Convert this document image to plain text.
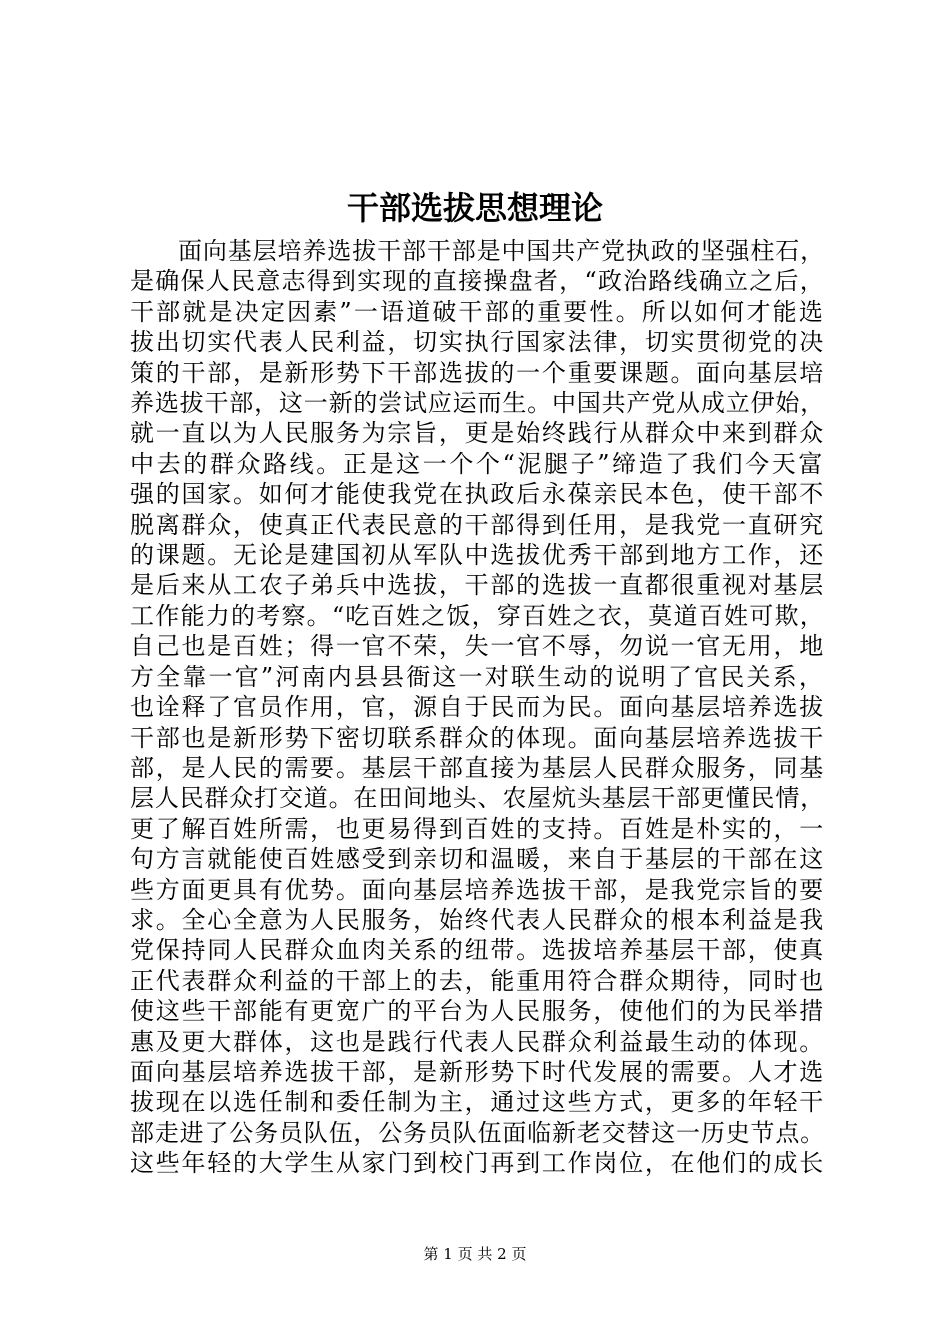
干部选拔思想理论
面向基层培养选拔干部干部是中国共产党执政的坚强柱石，
是确保人民意志得到实现的直接操盘者，“政治路线确立之后，
干部就是决定因素”一语道破干部的重要性。所以如何才能选
拔出切实代表人民利益，切实执行国家法律，切实贯彻党的决
策的干部，是新形势下干部选拔的一个重要课题。面向基层培
养选拔干部，这一新的尝试应运而生。中国共产党从成立伊始，
就一直以为人民服务为宗旨，更是始终践行从群众中来到群众
中去的群众路线。正是这一个个“泥腿子”缔造了我们今天富
强的国家。如何才能使我党在执政后永葆亲民本色，使干部不
脱离群众，使真正代表民意的干部得到任用，是我党一直研究
的课题。无论是建国初从军队中选拔优秀干部到地方工作，还
是后来从工农子弟兵中选拔，干部的选拔一直都很重视对基层
工作能力的考察。“吃百姓之饭，穿百姓之衣，莫道百姓可欺，
自己也是百姓；得一官不荣，失一官不辱，勿说一官无用，地
方全靠一官”河南内县县衙这一对联生动的说明了官民关系，
也诠释了官员作用，官，源自于民而为民。面向基层培养选拔
干部也是新形势下密切联系群众的体现。面向基层培养选拔干
部，是人民的需要。基层干部直接为基层人民群众服务，同基
层人民群众打交道。在田间地头、农屋炕头基层干部更懂民情，
更了解百姓所需，也更易得到百姓的支持。百姓是朴实的，一
句方言就能使百姓感受到亲切和温暖，来自于基层的干部在这
些方面更具有优势。面向基层培养选拔干部，是我党宗旨的要
求。全心全意为人民服务，始终代表人民群众的根本利益是我
党保持同人民群众血肉关系的纽带。选拔培养基层干部，使真
正代表群众利益的干部上的去，能重用符合群众期待，同时也
使这些干部能有更宽广的平台为人民服务，使他们的为民举措
惠及更大群体，这也是践行代表人民群众利益最生动的体现。
面向基层培养选拔干部，是新形势下时代发展的需要。人才选
拔现在以选任制和委任制为主，通过这些方式，更多的年轻干
部走进了公务员队伍，公务员队伍面临新老交替这一历史节点。
这些年轻的大学生从家门到校门再到工作岗位，在他们的成长
第 1 页 共 2 页
